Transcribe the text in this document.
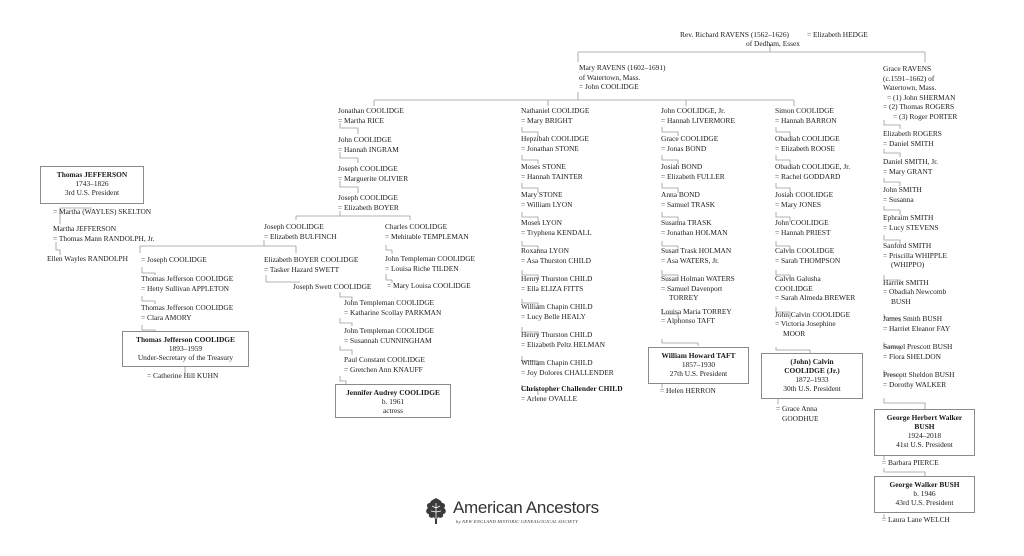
Rev. Richard RAVENS (1562–1626) = Elizabeth HEDGE
of Dedham, Essex
Mary RAVENS (1602–1691)
of Watertown, Mass.
= John COOLIDGE
Grace RAVENS
(c.1591–1662) of
Watertown, Mass.
= (1) John SHERMAN
= (2) Thomas ROGERS
= (3) Roger PORTER
Jonathan COOLIDGE
= Martha RICE
John COOLIDGE
= Hannah INGRAM
Joseph COOLIDGE
= Marguerite OLIVIER
Joseph COOLIDGE
= Elizabeth BOYER
Thomas JEFFERSON
1743–1826
3rd U.S. President
= Martha (WAYLES) SKELTON
Martha JEFFERSON
= Thomas Mann RANDOLPH, Jr.
Ellen Wayles RANDOLPH = Joseph COOLIDGE
Thomas Jefferson COOLIDGE
= Hetty Sullivan APPLETON
Thomas Jefferson COOLIDGE
= Clara AMORY
Thomas Jefferson COOLIDGE
1893–1959
Under-Secretary of the Treasury
= Catherine Hill KUHN
Joseph COOLIDGE
= Elizabeth BULFINCH
Elizabeth BOYER COOLIDGE
= Tasker Hazard SWETT
Joseph Swett COOLIDGE
Charles COOLIDGE
= Mehitable TEMPLEMAN
John Templeman COOLIDGE
= Louisa Riche TILDEN
= Mary Louisa COOLIDGE
John Templeman COOLIDGE
= Katharine Scollay PARKMAN
John Templeman COOLIDGE
= Susannah CUNNINGHAM
Paul Constant COOLIDGE
= Gretchen Ann KNAUFF
Jennifer Audrey COOLIDGE
b. 1961
actress
Nathaniel COOLIDGE
= Mary BRIGHT
Hepzibah COOLIDGE
= Jonathan STONE
Moses STONE
= Hannah TAINTER
Mary STONE
= William LYON
Moses LYON
= Tryphena KENDALL
Roxanna LYON
= Asa Thurston CHILD
Henry Thurston CHILD
= Ella ELIZA FITTS
William Chapin CHILD
= Lucy Belle HEALY
Henry Thurston CHILD
= Elizabeth Peltz HELMAN
William Chapin CHILD
= Joy Dolores CHALLENDER
Christopher Challender CHILD
= Arlene OVALLE
John COOLIDGE, Jr.
= Hannah LIVERMORE
Grace COOLIDGE
= Jonas BOND
Josiah BOND
= Elizabeth FULLER
Anna BOND
= Samuel TRASK
Susanna TRASK
= Jonathan HOLMAN
Susan Trask HOLMAN
= Asa WATERS, Jr.
Susan Holman WATERS
= Samuel Davenport
TORREY
Louisa Maria TORREY
= Alphonso TAFT
William Howard TAFT
1857–1930
27th U.S. President
= Helen HERRON
Simon COOLIDGE
= Hannah BARRON
Obadiah COOLIDGE
= Elizabeth ROOSE
Obadiah COOLIDGE, Jr.
= Rachel GODDARD
Josiah COOLIDGE
= Mary JONES
John COOLIDGE
= Hannah PRIEST
Calvin COOLIDGE
= Sarah THOMPSON
Calvin Galusha
COOLIDGE
= Sarah Almeda BREWER
John Calvin COOLIDGE
= Victoria Josephine
MOOR
(John) Calvin
COOLIDGE (Jr.)
1872–1933
30th U.S. President
= Grace Anna
GOODHUE
Elizabeth ROGERS
= Daniel SMITH
Daniel SMITH, Jr.
= Mary GRANT
John SMITH
= Susanna
Ephraim SMITH
= Lucy STEVENS
Sanford SMITH
= Priscilla WHIPPLE
(WHIPPO)
Harriet SMITH
= Obadiah Newcomb
BUSH
James Smith BUSH
= Harriet Eleanor FAY
Samuel Prescott BUSH
= Flora SHELDON
Prescott Sheldon BUSH
= Dorothy WALKER
George Herbert Walker
BUSH
1924–2018
41st U.S. President
= Barbara PIERCE
George Walker BUSH
b. 1946
43rd U.S. President
= Laura Lane WELCH
American Ancestors
by NEW ENGLAND HISTORIC GENEALOGICAL SOCIETY
